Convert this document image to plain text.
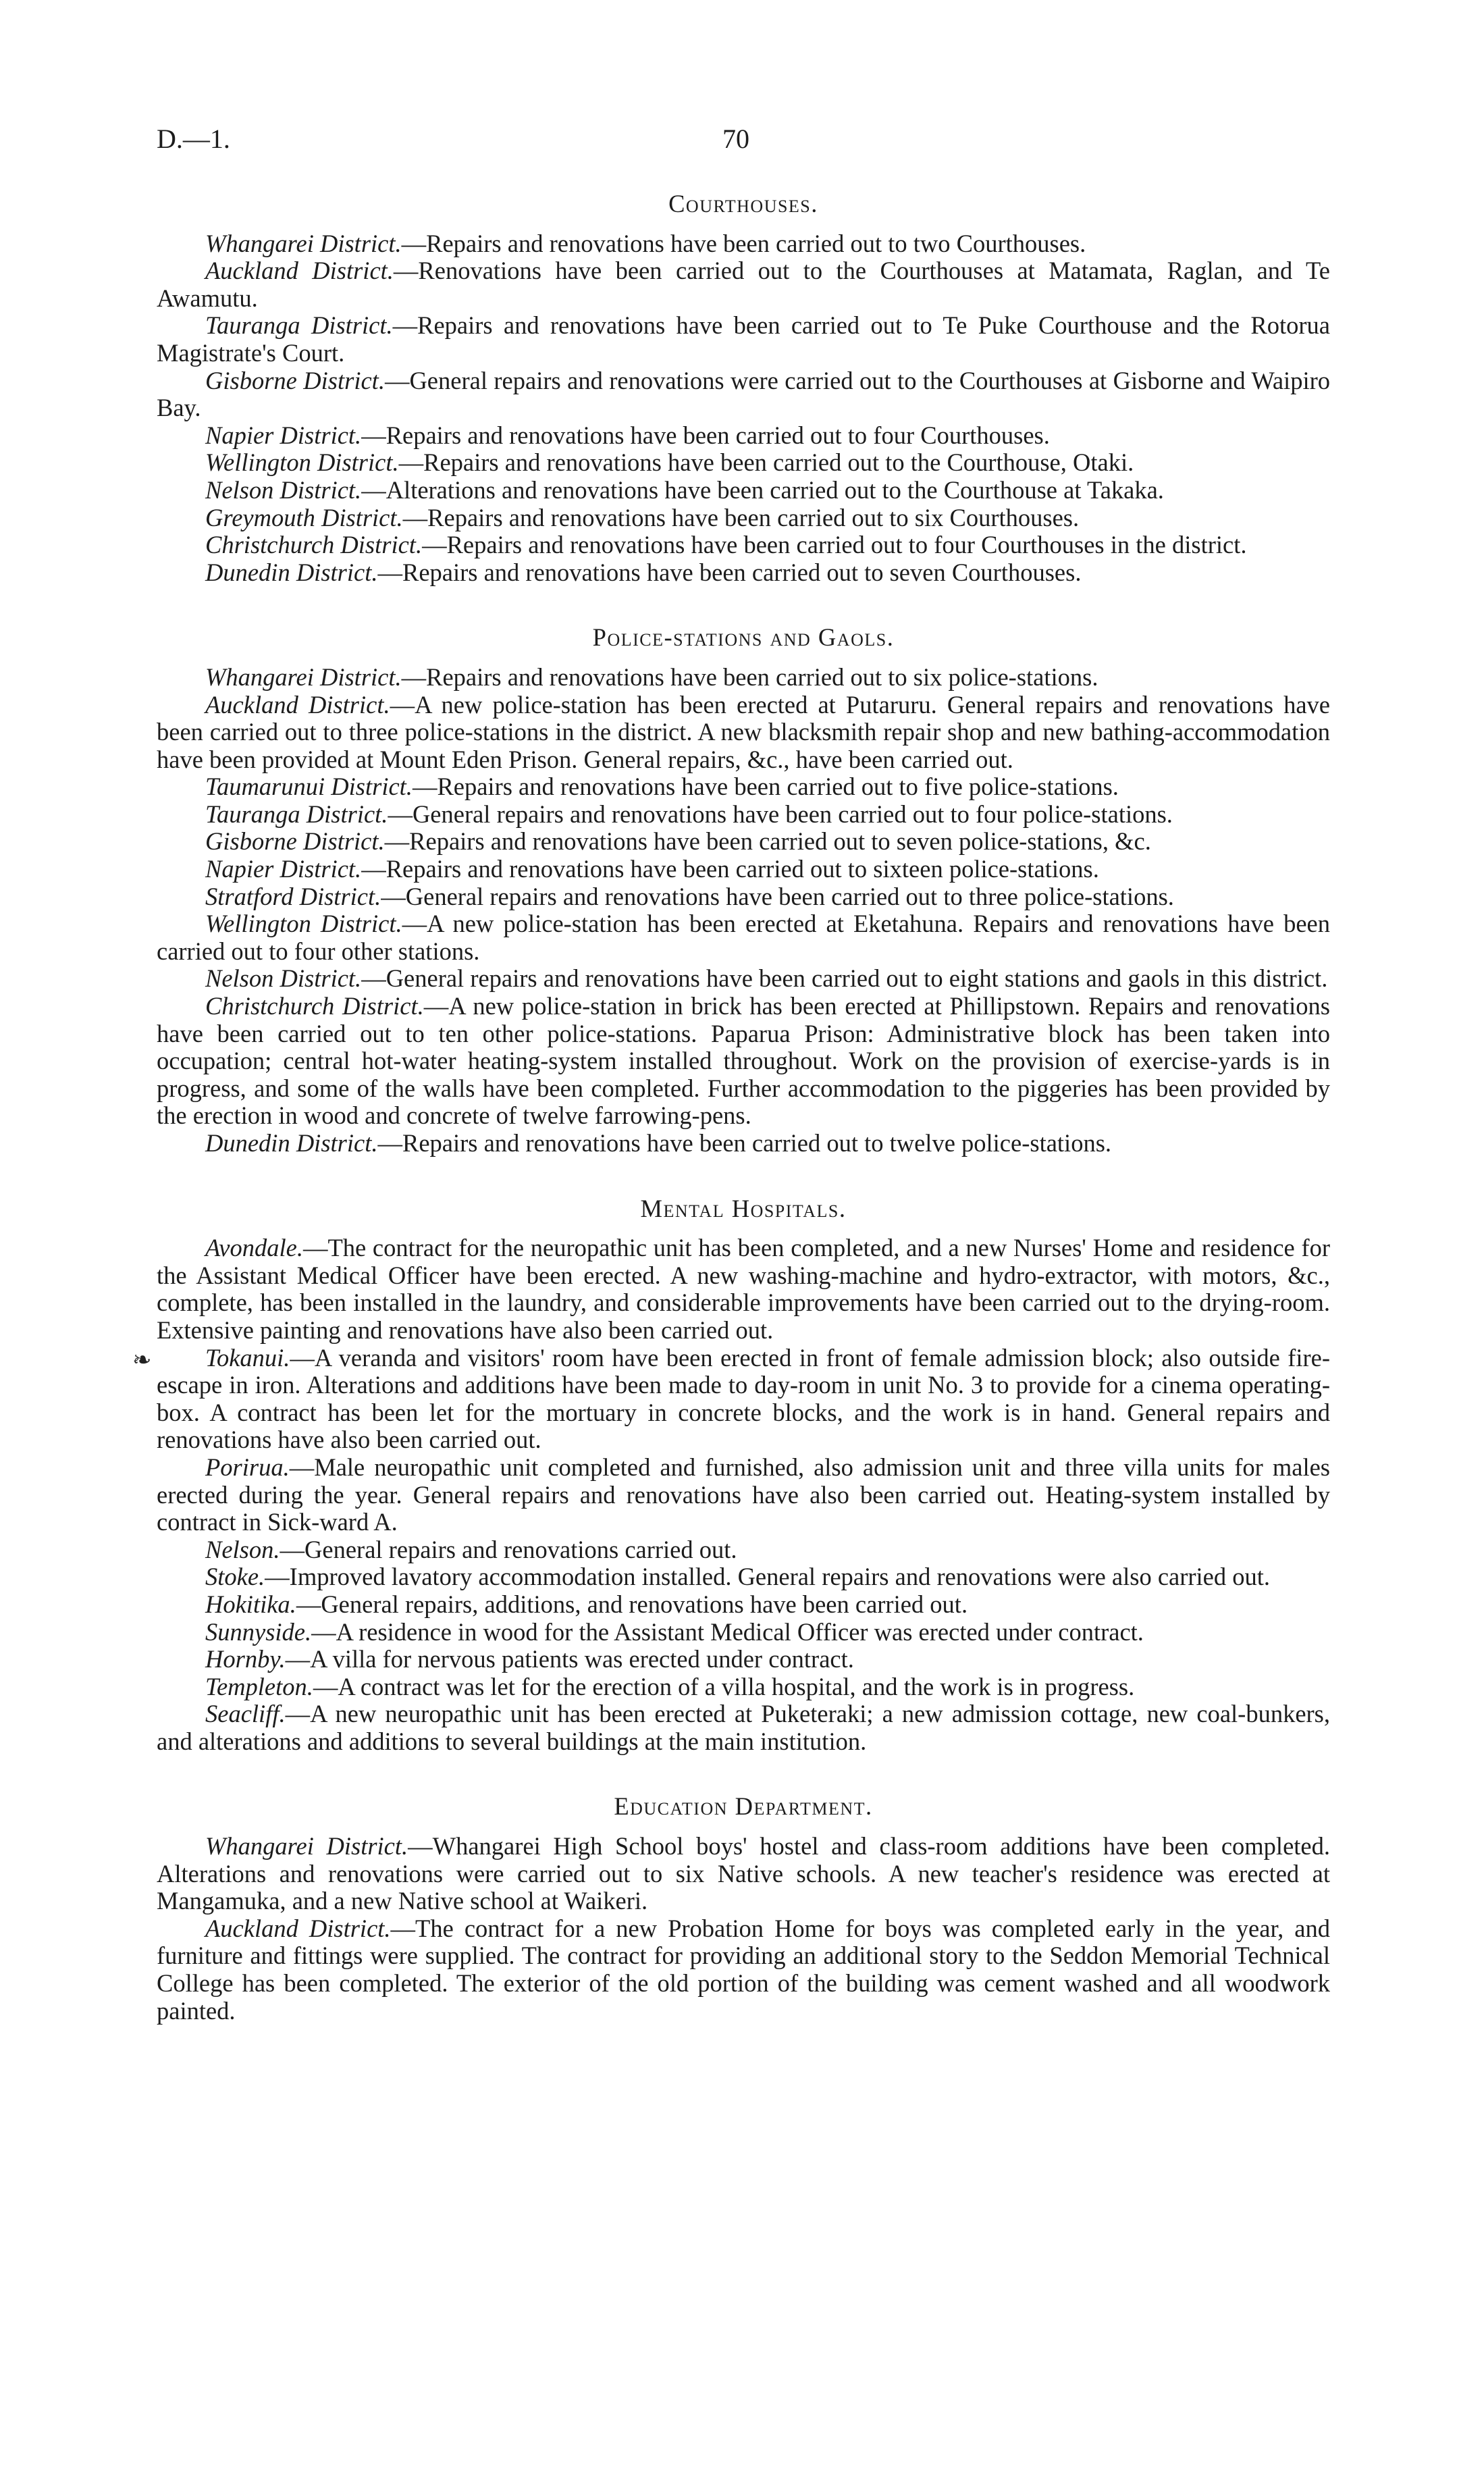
D.—1.	70
❧
Courthouses.

Whangarei District.—Repairs and renovations have been carried out to two Courthouses.

Auckland District.—Renovations have been carried out to the Courthouses at Matamata, Raglan, and Te Awamutu.

Tauranga District.—Repairs and renovations have been carried out to Te Puke Courthouse and the Rotorua Magistrate's Court.

Gisborne District.—General repairs and renovations were carried out to the Courthouses at Gisborne and Waipiro Bay.

Napier District.—Repairs and renovations have been carried out to four Courthouses.

Wellington District.—Repairs and renovations have been carried out to the Courthouse, Otaki.

Nelson District.—Alterations and renovations have been carried out to the Courthouse at Takaka.

Greymouth District.—Repairs and renovations have been carried out to six Courthouses.

Christchurch District.—Repairs and renovations have been carried out to four Courthouses in the district.

Dunedin District.—Repairs and renovations have been carried out to seven Courthouses.

Police-stations and Gaols.

Whangarei District.—Repairs and renovations have been carried out to six police-stations.

Auckland District.—A new police-station has been erected at Putaruru. General repairs and renovations have been carried out to three police-stations in the district. A new blacksmith repair shop and new bathing-accommodation have been provided at Mount Eden Prison. General repairs, &c., have been carried out.

Taumarunui District.—Repairs and renovations have been carried out to five police-stations.

Tauranga District.—General repairs and renovations have been carried out to four police-stations.

Gisborne District.—Repairs and renovations have been carried out to seven police-stations, &c.

Napier District.—Repairs and renovations have been carried out to sixteen police-stations.

Stratford District.—General repairs and renovations have been carried out to three police-stations.

Wellington District.—A new police-station has been erected at Eketahuna. Repairs and renovations have been carried out to four other stations.

Nelson District.—General repairs and renovations have been carried out to eight stations and gaols in this district.

Christchurch District.—A new police-station in brick has been erected at Phillipstown. Repairs and renovations have been carried out to ten other police-stations. Paparua Prison: Administrative block has been taken into occupation; central hot-water heating-system installed throughout. Work on the provision of exercise-yards is in progress, and some of the walls have been completed. Further accommodation to the piggeries has been provided by the erection in wood and concrete of twelve farrowing-pens.

Dunedin District.—Repairs and renovations have been carried out to twelve police-stations.

Mental Hospitals.

Avondale.—The contract for the neuropathic unit has been completed, and a new Nurses' Home and residence for the Assistant Medical Officer have been erected. A new washing-machine and hydro-extractor, with motors, &c., complete, has been installed in the laundry, and considerable improvements have been carried out to the drying-room. Extensive painting and renovations have also been carried out.

Tokanui.—A veranda and visitors' room have been erected in front of female admission block; also outside fire-escape in iron. Alterations and additions have been made to day-room in unit No. 3 to provide for a cinema operating-box. A contract has been let for the mortuary in concrete blocks, and the work is in hand. General repairs and renovations have also been carried out.

Porirua.—Male neuropathic unit completed and furnished, also admission unit and three villa units for males erected during the year. General repairs and renovations have also been carried out. Heating-system installed by contract in Sick-ward A.

Nelson.—General repairs and renovations carried out.

Stoke.—Improved lavatory accommodation installed. General repairs and renovations were also carried out.

Hokitika.—General repairs, additions, and renovations have been carried out.

Sunnyside.—A residence in wood for the Assistant Medical Officer was erected under contract.

Hornby.—A villa for nervous patients was erected under contract.

Templeton.—A contract was let for the erection of a villa hospital, and the work is in progress.

Seacliff.—A new neuropathic unit has been erected at Puketeraki; a new admission cottage, new coal-bunkers, and alterations and additions to several buildings at the main institution.

Education Department.

Whangarei District.—Whangarei High School boys' hostel and class-room additions have been completed. Alterations and renovations were carried out to six Native schools. A new teacher's residence was erected at Mangamuka, and a new Native school at Waikeri.

Auckland District.—The contract for a new Probation Home for boys was completed early in the year, and furniture and fittings were supplied. The contract for providing an additional story to the Seddon Memorial Technical College has been completed. The exterior of the old portion of the building was cement washed and all woodwork painted.
